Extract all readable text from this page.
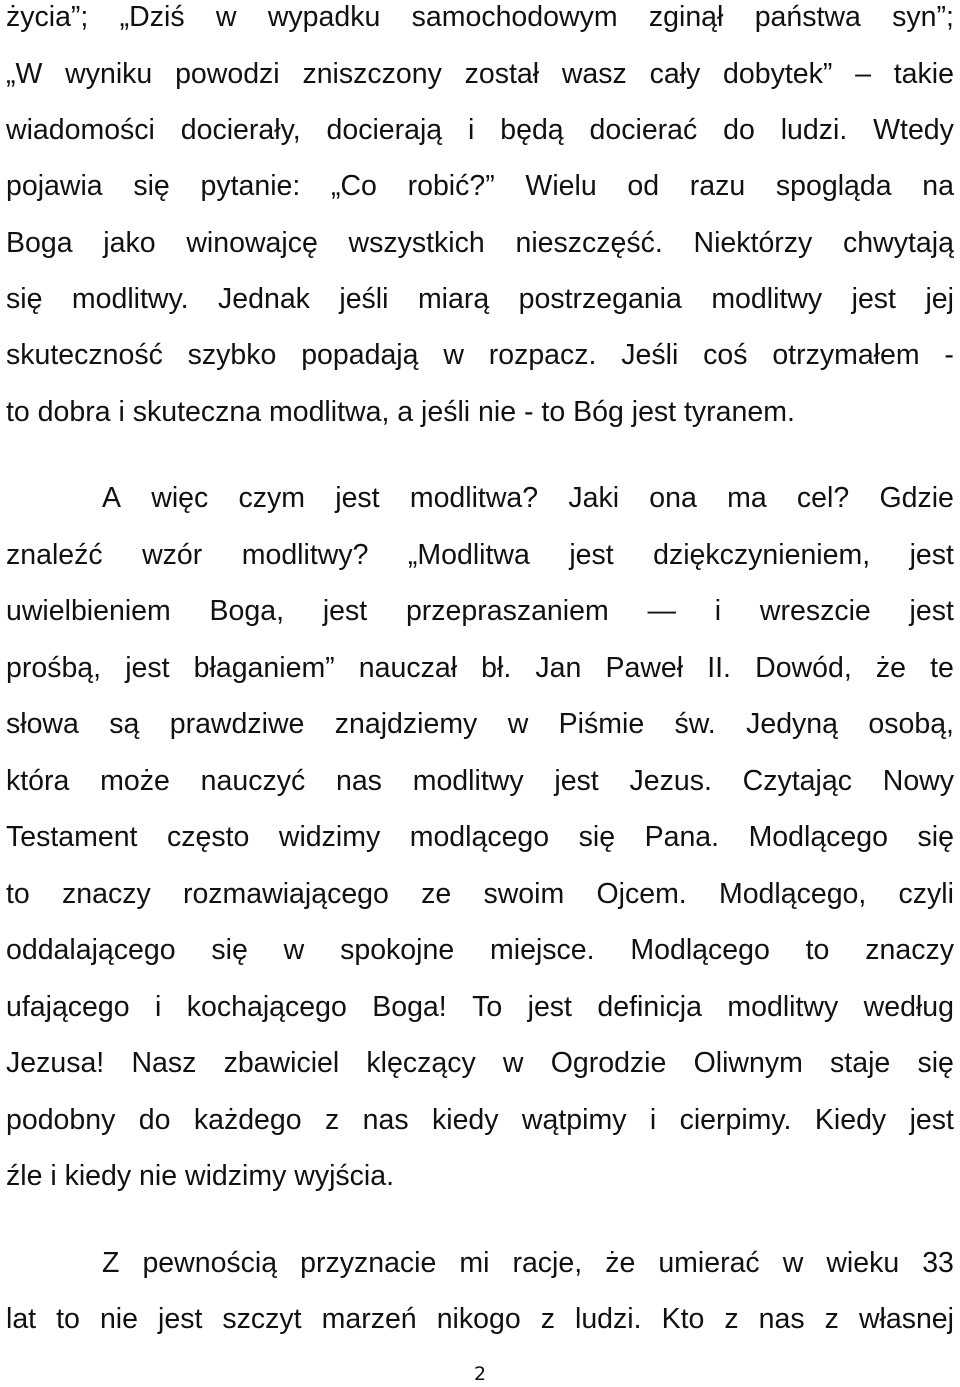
życia”; „Dziś w wypadku samochodowym zginął państwa syn”;
„W wyniku powodzi zniszczony został wasz cały dobytek” – takie
wiadomości docierały, docierają i będą docierać do ludzi. Wtedy
pojawia się pytanie: „Co robić?” Wielu od razu spogląda na
Boga jako winowajcę wszystkich nieszczęść. Niektórzy chwytają
się modlitwy. Jednak jeśli miarą postrzegania modlitwy jest jej
skuteczność szybko popadają w rozpacz. Jeśli coś otrzymałem -
to dobra i skuteczna modlitwa, a jeśli nie - to Bóg jest tyranem.
A więc czym jest modlitwa? Jaki ona ma cel? Gdzie
znaleźć wzór modlitwy? „Modlitwa jest dziękczynieniem, jest
uwielbieniem Boga, jest przepraszaniem — i wreszcie jest
prośbą, jest błaganiem” nauczał bł. Jan Paweł II. Dowód, że te
słowa są prawdziwe znajdziemy w Piśmie św. Jedyną osobą,
która może nauczyć nas modlitwy jest Jezus. Czytając Nowy
Testament często widzimy modlącego się Pana. Modlącego się
to znaczy rozmawiającego ze swoim Ojcem. Modlącego, czyli
oddalającego się w spokojne miejsce. Modlącego to znaczy
ufającego i kochającego Boga! To jest definicja modlitwy według
Jezusa! Nasz zbawiciel klęczący w Ogrodzie Oliwnym staje się
podobny do każdego z nas kiedy wątpimy i cierpimy. Kiedy jest
źle i kiedy nie widzimy wyjścia.
Z pewnością przyznacie mi racje, że umierać w wieku 33
lat to nie jest szczyt marzeń nikogo z ludzi. Kto z nas z własnej
2
